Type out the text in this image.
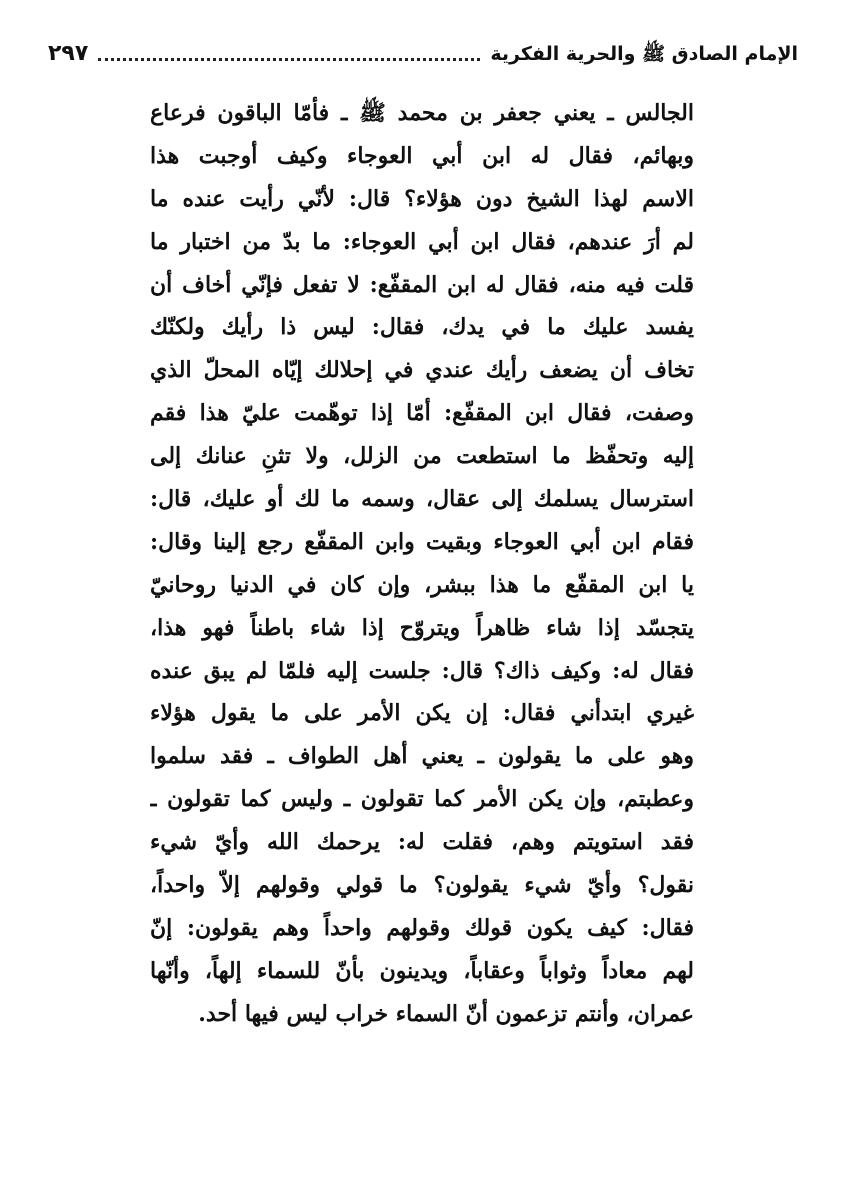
الإمام الصادق ﷺ والحرية الفكرية
٢٩٧
الجالس ـ يعني جعفر بن محمد ﷺ ـ فأمّا الباقون فرعاع
وبهائم، فقال له ابن أبي العوجاء وكيف أوجبت هذا
الاسم لهذا الشيخ دون هؤلاء؟ قال: لأنّي رأيت عنده ما
لم أرَ عندهم، فقال ابن أبي العوجاء: ما بدّ من اختبار ما
قلت فيه منه، فقال له ابن المقفّع: لا تفعل فإنّي أخاف أن
يفسد عليك ما في يدك، فقال: ليس ذا رأيك ولكنّك
تخاف أن يضعف رأيك عندي في إحلالك إيّاه المحلّ الذي
وصفت، فقال ابن المقفّع: أمّا إذا توهّمت عليّ هذا فقم
إليه وتحفّظ ما استطعت من الزلل، ولا تثنِ عنانك إلى
استرسال يسلمك إلى عقال، وسمه ما لك أو عليك، قال:
فقام ابن أبي العوجاء وبقيت وابن المقفّع رجع إلينا وقال:
يا ابن المقفّع ما هذا ببشر، وإن كان في الدنيا روحانيّ
يتجسّد إذا شاء ظاهراً ويتروّح إذا شاء باطناً فهو هذا،
فقال له: وكيف ذاك؟ قال: جلست إليه فلمّا لم يبق عنده
غيري ابتدأني فقال: إن يكن الأمر على ما يقول هؤلاء
وهو على ما يقولون ـ يعني أهل الطواف ـ فقد سلموا
وعطبتم، وإن يكن الأمر كما تقولون ـ وليس كما تقولون ـ
فقد استويتم وهم، فقلت له: يرحمك الله وأيّ شيء
نقول؟ وأيّ شيء يقولون؟ ما قولي وقولهم إلاّ واحداً،
فقال: كيف يكون قولك وقولهم واحداً وهم يقولون: إنّ
لهم معاداً وثواباً وعقاباً، ويدينون بأنّ للسماء إلهاً، وأنّها
عمران، وأنتم تزعمون أنّ السماء خراب ليس فيها أحد.
